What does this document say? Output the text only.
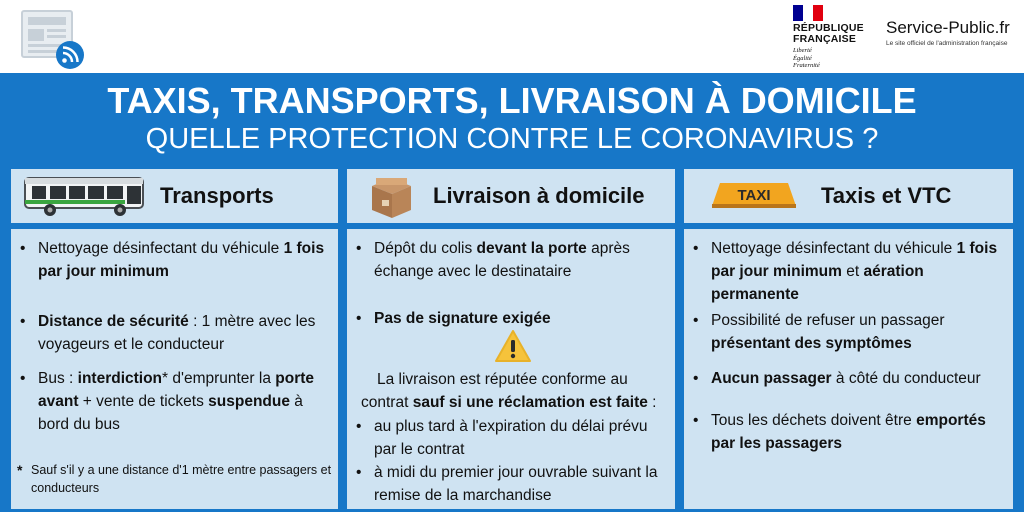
RÉPUBLIQUE
FRANÇAISE
Liberté
Égalité
Fraternité
Service-Public.fr
Le site officiel de l'administration française
TAXIS, TRANSPORTS, LIVRAISON À DOMICILE
QUELLE PROTECTION CONTRE LE CORONAVIRUS ?
Transports	Livraison à domicile	TAXI Taxis et VTC
• Nettoyage désinfectant du véhicule 1 fois par jour minimum
• Distance de sécurité : 1 mètre avec les voyageurs et le conducteur
• Bus : interdiction* d'emprunter la porte avant + vente de tickets suspendue à bord du bus
* Sauf s'il y a une distance d'1 mètre entre passagers et conducteurs
• Dépôt du colis devant la porte après échange avec le destinataire
• Pas de signature exigée
La livraison est réputée conforme au contrat sauf si une réclamation est faite :
• au plus tard à l'expiration du délai prévu par le contrat
• à midi du premier jour ouvrable suivant la remise de la marchandise
• Nettoyage désinfectant du véhicule 1 fois par jour minimum et aération permanente
• Possibilité de refuser un passager présentant des symptômes
• Aucun passager à côté du conducteur
• Tous les déchets doivent être emportés par les passagers
